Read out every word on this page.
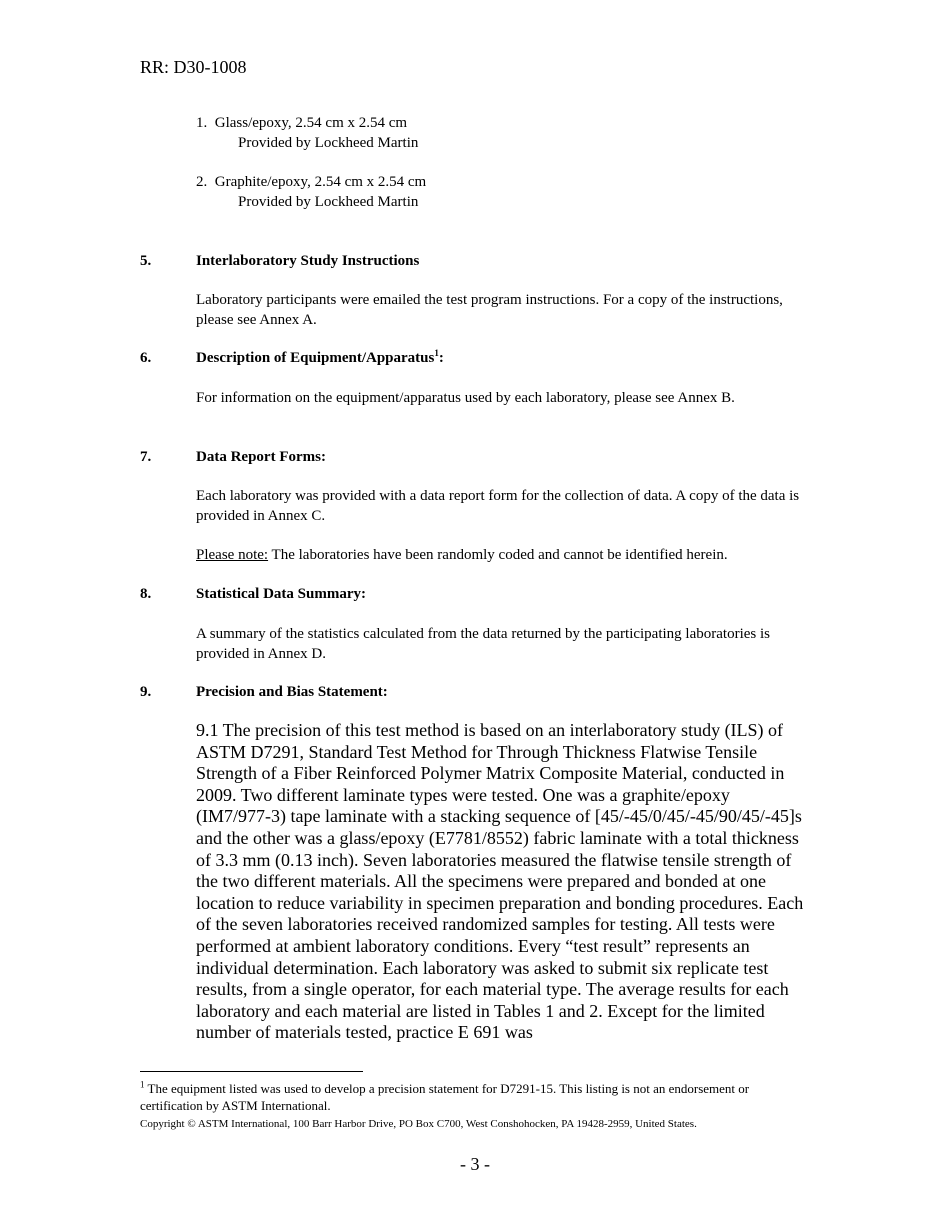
RR: D30-1008
1. Glass/epoxy, 2.54 cm x 2.54 cm
Provided by Lockheed Martin
2. Graphite/epoxy, 2.54 cm x 2.54 cm
Provided by Lockheed Martin
5.	Interlaboratory Study Instructions
Laboratory participants were emailed the test program instructions. For a copy of the instructions, please see Annex A.
6.	Description of Equipment/Apparatus$^1$:
For information on the equipment/apparatus used by each laboratory, please see Annex B.
7.	Data Report Forms:
Each laboratory was provided with a data report form for the collection of data. A copy of the data is provided in Annex C.
Please note: The laboratories have been randomly coded and cannot be identified herein.
8.	Statistical Data Summary:
A summary of the statistics calculated from the data returned by the participating laboratories is provided in Annex D.
9.	Precision and Bias Statement:
9.1 The precision of this test method is based on an interlaboratory study (ILS) of ASTM D7291, Standard Test Method for Through Thickness Flatwise Tensile Strength of a Fiber Reinforced Polymer Matrix Composite Material, conducted in 2009. Two different laminate types were tested. One was a graphite/epoxy (IM7/977-3) tape laminate with a stacking sequence of [45/-45/0/45/-45/90/45/-45]s and the other was a glass/epoxy (E7781/8552) fabric laminate with a total thickness of 3.3 mm (0.13 inch). Seven laboratories measured the flatwise tensile strength of the two different materials. All the specimens were prepared and bonded at one location to reduce variability in specimen preparation and bonding procedures. Each of the seven laboratories received randomized samples for testing. All tests were performed at ambient laboratory conditions. Every “test result” represents an individual determination. Each laboratory was asked to submit six replicate test results, from a single operator, for each material type. The average results for each laboratory and each material are listed in Tables 1 and 2. Except for the limited number of materials tested, practice E 691 was
$^1$ The equipment listed was used to develop a precision statement for D7291-15. This listing is not an endorsement or certification by ASTM International.
Copyright © ASTM International, 100 Barr Harbor Drive, PO Box C700, West Conshohocken, PA 19428-2959, United States.
- 3 -
